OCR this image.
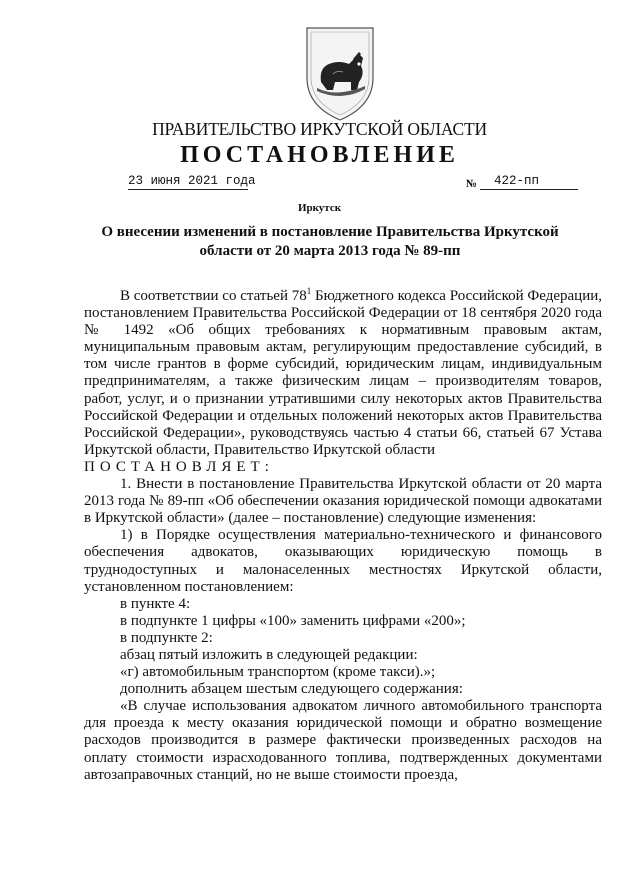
ПРАВИТЕЛЬСТВО ИРКУТСКОЙ ОБЛАСТИ
ПОСТАНОВЛЕНИЕ
23 июня 2021 года	№	422-пп
Иркутск
О внесении изменений в постановление Правительства Иркутской
области от 20 марта 2013 года № 89-пп

В соответствии со статьей $78^1$ Бюджетного кодекса Российской Федерации, постановлением Правительства Российской Федерации от 18 сентября 2020 года № 1492 «Об общих требованиях к нормативным правовым актам, муниципальным правовым актам, регулирующим предоставление субсидий, в том числе грантов в форме субсидий, юридическим лицам, индивидуальным предпринимателям, а также физическим лицам – производителям товаров, работ, услуг, и о признании утратившими силу некоторых актов Правительства Российской Федерации и отдельных положений некоторых актов Правительства Российской Федерации», руководствуясь частью 4 статьи 66, статьей 67 Устава Иркутской области, Правительство Иркутской области

ПОСТАНОВЛЯЕТ:

1. Внести в постановление Правительства Иркутской области от 20 марта 2013 года № 89-пп «Об обеспечении оказания юридической помощи адвокатами в Иркутской области» (далее – постановление) следующие изменения:

1) в Порядке осуществления материально-технического и финансового обеспечения адвокатов, оказывающих юридическую помощь в труднодоступных и малонаселенных местностях Иркутской области, установленном постановлением:

в пункте 4:

в подпункте 1 цифры «100» заменить цифрами «200»;

в подпункте 2:

абзац пятый изложить в следующей редакции:

«г) автомобильным транспортом (кроме такси).»;

дополнить абзацем шестым следующего содержания:

«В случае использования адвокатом личного автомобильного транспорта для проезда к месту оказания юридической помощи и обратно возмещение расходов производится в размере фактически произведенных расходов на оплату стоимости израсходованного топлива, подтвержденных документами автозаправочных станций, но не выше стоимости проезда,
